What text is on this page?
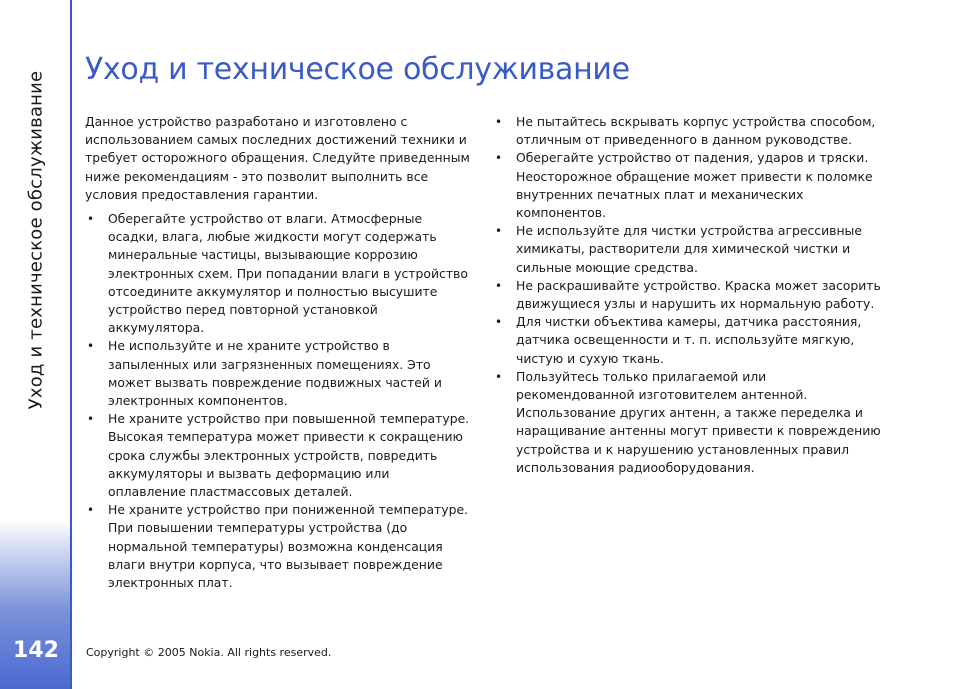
Уход и техническое обслуживание
142
Уход и техническое обслуживание

Данное устройство разработано и изготовлено с использованием самых последних достижений техники и требует осторожного обращения. Следуйте приведенным ниже рекомендациям - это позволит выполнить все условия предоставления гарантии.

• Оберегайте устройство от влаги. Атмосферные осадки, влага, любые жидкости могут содержать минеральные частицы, вызывающие коррозию электронных схем. При попадании влаги в устройство отсоедините аккумулятор и полностью высушите устройство перед повторной установкой аккумулятора.
• Не используйте и не храните устройство в запыленных или загрязненных помещениях. Это может вызвать повреждение подвижных частей и электронных компонентов.
• Не храните устройство при повышенной температуре. Высокая температура может привести к сокращению срока службы электронных устройств, повредить аккумуляторы и вызвать деформацию или оплавление пластмассовых деталей.
• Не храните устройство при пониженной температуре. При повышении температуры устройства (до нормальной температуры) возможна конденсация влаги внутри корпуса, что вызывает повреждение электронных плат.
• Не пытайтесь вскрывать корпус устройства способом, отличным от приведенного в данном руководстве.
• Оберегайте устройство от падения, ударов и тряски. Неосторожное обращение может привести к поломке внутренних печатных плат и механических компонентов.
• Не используйте для чистки устройства агрессивные химикаты, растворители для химической чистки и сильные моющие средства.
• Не раскрашивайте устройство. Краска может засорить движущиеся узлы и нарушить их нормальную работу.
• Для чистки объектива камеры, датчика расстояния, датчика освещенности и т. п. используйте мягкую, чистую и сухую ткань.
• Пользуйтесь только прилагаемой или рекомендованной изготовителем антенной. Использование других антенн, а также переделка и наращивание антенны могут привести к повреждению устройства и к нарушению установленных правил использования радиооборудования.
Copyright © 2005 Nokia. All rights reserved.
